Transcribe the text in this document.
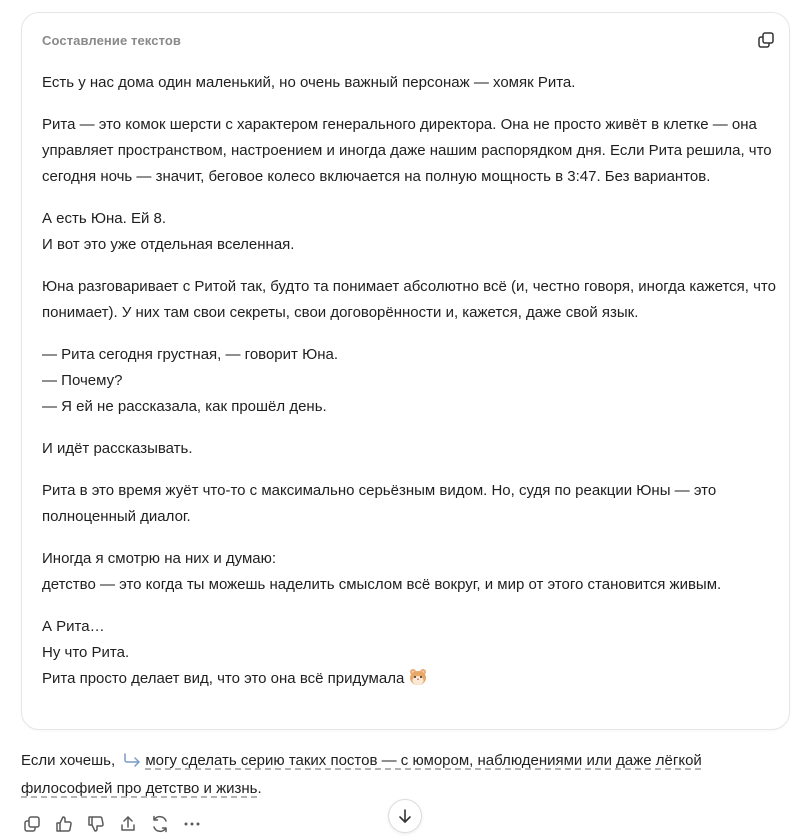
Составление текстов

Есть у нас дома один маленький, но очень важный персонаж — хомяк Рита.

Рита — это комок шерсти с характером генерального директора. Она не просто живёт в клетке — она управляет пространством, настроением и иногда даже нашим распорядком дня. Если Рита решила, что сегодня ночь — значит, беговое колесо включается на полную мощность в 3:47. Без вариантов.

А есть Юна. Ей 8.
И вот это уже отдельная вселенная.

Юна разговаривает с Ритой так, будто та понимает абсолютно всё (и, честно говоря, иногда кажется, что понимает). У них там свои секреты, свои договорённости и, кажется, даже свой язык.

— Рита сегодня грустная, — говорит Юна.
— Почему?
— Я ей не рассказала, как прошёл день.

И идёт рассказывать.

Рита в это время жуёт что-то с максимально серьёзным видом. Но, судя по реакции Юны — это полноценный диалог.

Иногда я смотрю на них и думаю:
детство — это когда ты можешь наделить смыслом всё вокруг, и мир от этого становится живым.

А Рита…
Ну что Рита.
Рита просто делает вид, что это она всё придумала

Если хочешь, могу сделать серию таких постов — с юмором, наблюдениями или даже лёгкой философией про детство и жизнь.
